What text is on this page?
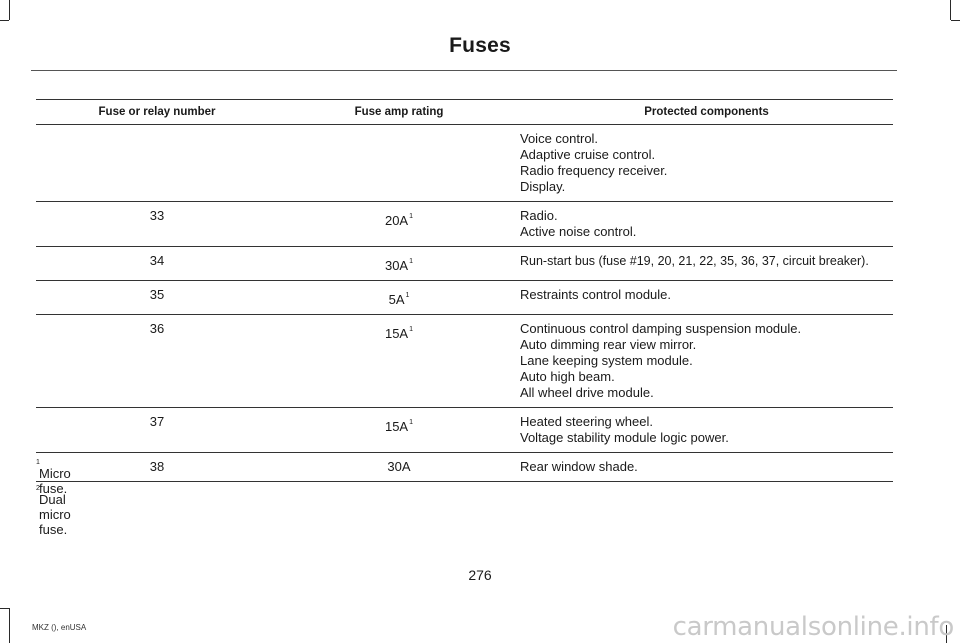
Fuses
Fuse or relay number	Fuse amp rating	Protected components

		Voice control.
Adaptive cruise control.
Radio frequency receiver.
Display.

33	20A$^1$	Radio.
Active noise control.

34	30A$^1$	Run-start bus (fuse #19, 20, 21, 22, 35, 36, 37, circuit breaker).

35	5A$^1$	Restraints control module.

36	15A$^1$	Continuous control damping suspension module.
Auto dimming rear view mirror.
Lane keeping system module.
Auto high beam.
All wheel drive module.

37	15A$^1$	Heated steering wheel.
Voltage stability module logic power.

38	30A	Rear window shade.
1
Micro fuse.
2
Dual micro fuse.
276
MKZ (), enUSA	carmanualsonline.info
